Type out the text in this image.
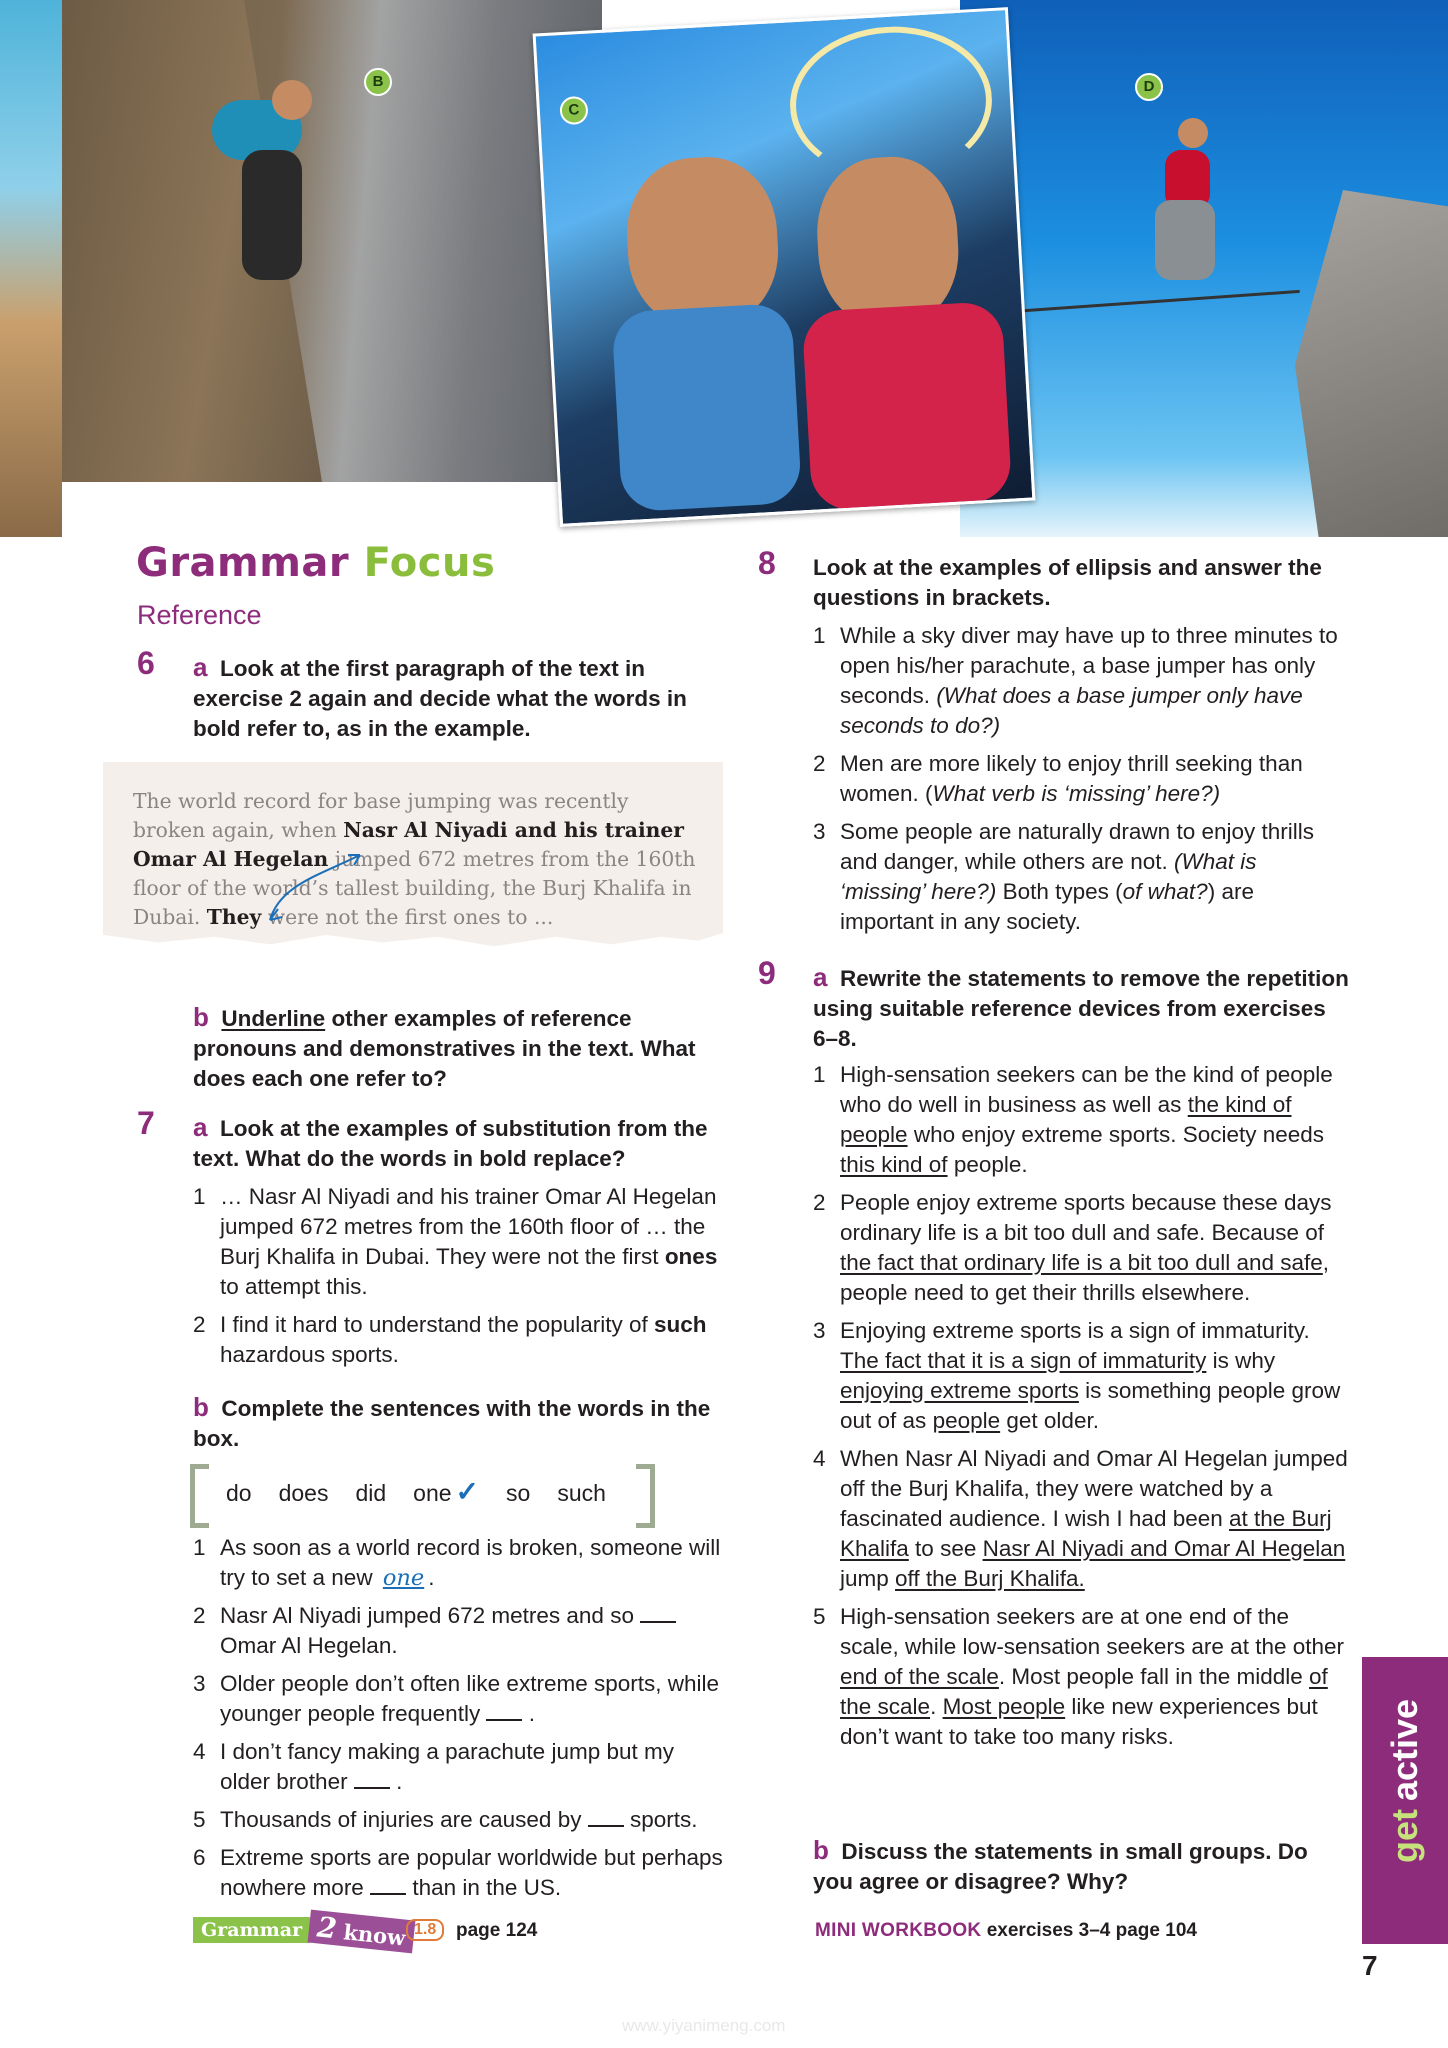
B	D
C
Grammar Focus
Reference
6 a Look at the first paragraph of the text in exercise 2 again and decide what the words in bold refer to, as in the example.
The world record for base jumping was recently broken again, when Nasr Al Niyadi and his trainer Omar Al Hegelan jumped 672 metres from the 160th floor of the world’s tallest building, the Burj Khalifa in Dubai. They were not the first ones to ...
b Underline other examples of reference pronouns and demonstratives in the text. What does each one refer to?
7 a Look at the examples of substitution from the text. What do the words in bold replace?
1 … Nasr Al Niyadi and his trainer Omar Al Hegelan jumped 672 metres from the 160th floor of … the Burj Khalifa in Dubai. They were not the first ones to attempt this.
2 I find it hard to understand the popularity of such hazardous sports.
b Complete the sentences with the words in the box.
do does did one ✓ so such
1 As soon as a world record is broken, someone will try to set a new one .
2 Nasr Al Niyadi jumped 672 metres and so  Omar Al Hegelan.
3 Older people don’t often like extreme sports, while younger people frequently  .
4 I don’t fancy making a parachute jump but my older brother  .
5 Thousands of injuries are caused by  sports.
6 Extreme sports are popular worldwide but perhaps nowhere more  than in the US.
Grammar 2 know 1.8	page 124
8 Look at the examples of ellipsis and answer the questions in brackets.
1 While a sky diver may have up to three minutes to open his/her parachute, a base jumper has only seconds. (What does a base jumper only have seconds to do?)
2 Men are more likely to enjoy thrill seeking than women. (What verb is ‘missing’ here?)
3 Some people are naturally drawn to enjoy thrills and danger, while others are not. (What is ‘missing’ here?) Both types (of what?) are important in any society.
9 a Rewrite the statements to remove the repetition using suitable reference devices from exercises 6–8.
1 High-sensation seekers can be the kind of people who do well in business as well as the kind of people who enjoy extreme sports. Society needs this kind of people.
2 People enjoy extreme sports because these days ordinary life is a bit too dull and safe. Because of the fact that ordinary life is a bit too dull and safe, people need to get their thrills elsewhere.
3 Enjoying extreme sports is a sign of immaturity. The fact that it is a sign of immaturity is why enjoying extreme sports is something people grow out of as people get older.
4 When Nasr Al Niyadi and Omar Al Hegelan jumped off the Burj Khalifa, they were watched by a fascinated audience. I wish I had been at the Burj Khalifa to see Nasr Al Niyadi and Omar Al Hegelan jump off the Burj Khalifa.
5 High-sensation seekers are at one end of the scale, while low-sensation seekers are at the other end of the scale. Most people fall in the middle of the scale. Most people like new experiences but don’t want to take too many risks.
b Discuss the statements in small groups. Do you agree or disagree? Why?
MINI WORKBOOK exercises 3–4 page 104
getactive
7
www.yiyanimeng.com
